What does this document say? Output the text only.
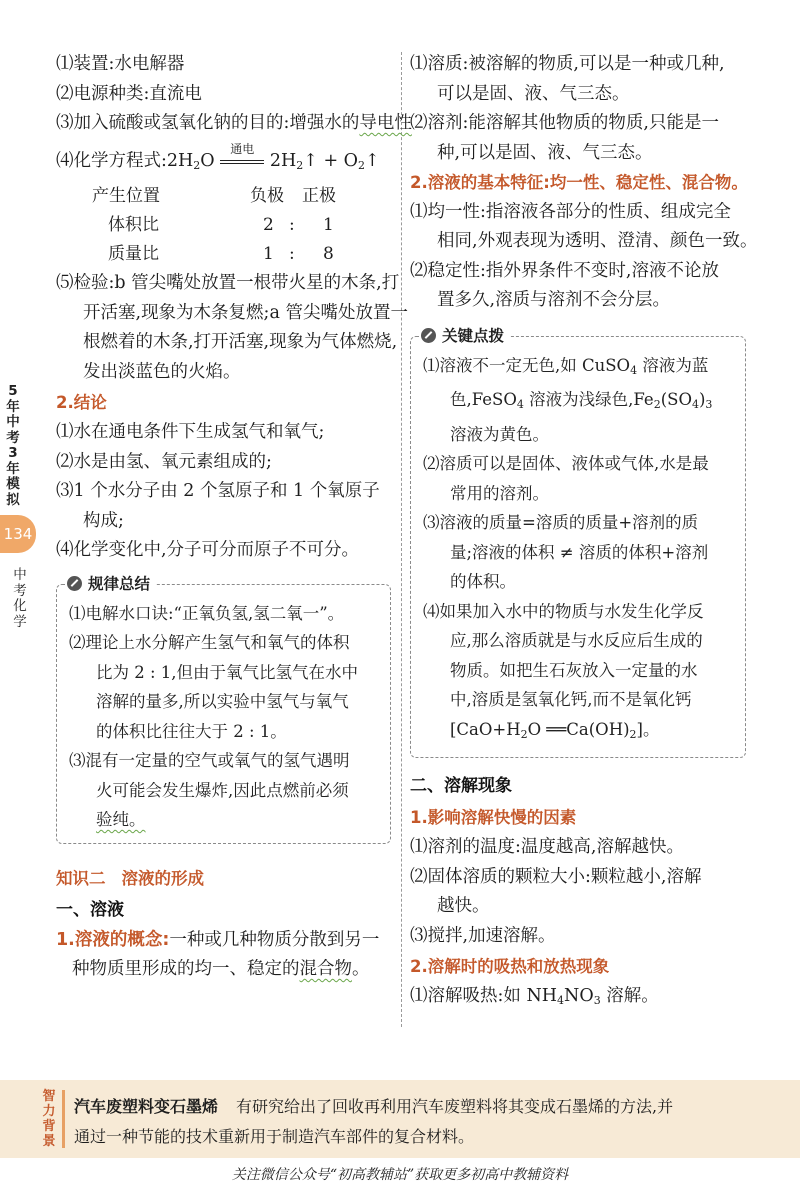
5
年
中
考
3
年
模
拟
134
中
考
化
学
⑴装置:水电解器
⑵电源种类:直流电
⑶加入硫酸或氢氧化钠的目的:增强水的导电性
⑷化学方程式$:2H_2O$
通电
$2H_2↑$ + $O_2↑$
产生位置	负极	正极
体积比	2 :	1
质量比	1 :	8
⑸检验:b 管尖嘴处放置一根带火星的木条,打
开活塞,现象为木条复燃;a 管尖嘴处放置一
根燃着的木条,打开活塞,现象为气体燃烧,
发出淡蓝色的火焰。
2.结论
⑴水在通电条件下生成氢气和氧气;
⑵水是由氢、氧元素组成的;
⑶1 个水分子由 2 个氢原子和 1 个氧原子
构成;
⑷化学变化中,分子可分而原子不可分。
规律总结
⑴电解水口诀:“正氧负氢,氢二氧一”。
⑵理论上水分解产生氢气和氧气的体积
比为 2 : 1,但由于氧气比氢气在水中
溶解的量多,所以实验中氢气与氧气
的体积比往往大于 2 : 1。
⑶混有一定量的空气或氧气的氢气遇明
火可能会发生爆炸,因此点燃前必须
验纯。
知识二 溶液的形成
一、溶液
1.溶液的概念:一种或几种物质分散到另一
种物质里形成的均一、稳定的混合物。
⑴溶质:被溶解的物质,可以是一种或几种,
可以是固、液、气三态。
⑵溶剂:能溶解其他物质的物质,只能是一
种,可以是固、液、气三态。
2.溶液的基本特征:均一性、稳定性、混合物。
⑴均一性:指溶液各部分的性质、组成完全
相同,外观表现为透明、澄清、颜色一致。
⑵稳定性:指外界条件不变时,溶液不论放
置多久,溶质与溶剂不会分层。
关键点拨
⑴溶液不一定无色,如 CuSO$_4$ 溶液为蓝
色,FeSO$_4$ 溶液为浅绿色$,Fe_2(SO_4)_3$
溶液为黄色。
⑵溶质可以是固体、液体或气体,水是最
常用的溶剂。
⑶溶液的质量=溶质的质量+溶剂的质
量;溶液的体积 ≠ 溶质的体积+溶剂
的体积。
⑷如果加入水中的物质与水发生化学反
应,那么溶质就是与水反应后生成的
物质。如把生石灰放入一定量的水
中,溶质是氢氧化钙,而不是氧化钙
[$CaO+H_2O$ $══Ca(OH)_2$]。
二、溶解现象
1.影响溶解快慢的因素
⑴溶剂的温度:温度越高,溶解越快。
⑵固体溶质的颗粒大小:颗粒越小,溶解
越快。
⑶搅拌,加速溶解。
2.溶解时的吸热和放热现象
⑴溶解吸热:如 $NH_4NO_3$ 溶解。
智
力
背
景
汽车废塑料变石墨烯 有研究给出了回收再利用汽车废塑料将其变成石墨烯的方法,并
通过一种节能的技术重新用于制造汽车部件的复合材料。
关注微信公众号“初高教辅站”获取更多初高中教辅资料
